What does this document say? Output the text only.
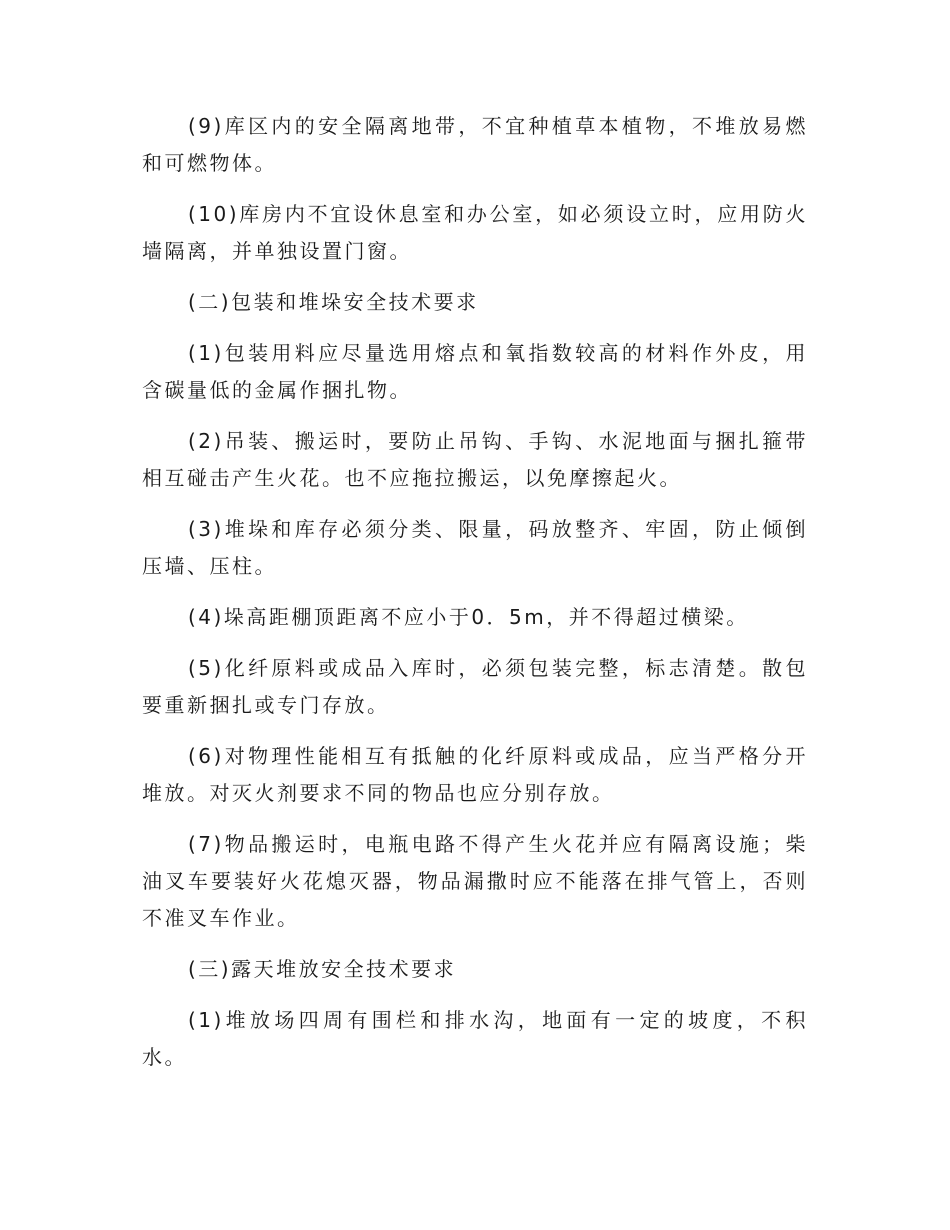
(9)库区内的安全隔离地带，不宜种植草本植物，不堆放易燃和可燃物体。

(10)库房内不宜设休息室和办公室，如必须设立时，应用防火墙隔离，并单独设置门窗。

(二)包装和堆垛安全技术要求

(1)包装用料应尽量选用熔点和氧指数较高的材料作外皮，用含碳量低的金属作捆扎物。

(2)吊装、搬运时，要防止吊钩、手钩、水泥地面与捆扎箍带相互碰击产生火花。也不应拖拉搬运，以免摩擦起火。

(3)堆垛和库存必须分类、限量，码放整齐、牢固，防止倾倒压墙、压柱。

(4)垛高距棚顶距离不应小于0．5m，并不得超过横梁。

(5)化纤原料或成品入库时，必须包装完整，标志清楚。散包要重新捆扎或专门存放。

(6)对物理性能相互有抵触的化纤原料或成品，应当严格分开堆放。对灭火剂要求不同的物品也应分别存放。

(7)物品搬运时，电瓶电路不得产生火花并应有隔离设施；柴油叉车要装好火花熄灭器，物品漏撒时应不能落在排气管上，否则不准叉车作业。

(三)露天堆放安全技术要求

(1)堆放场四周有围栏和排水沟，地面有一定的坡度，不积水。
